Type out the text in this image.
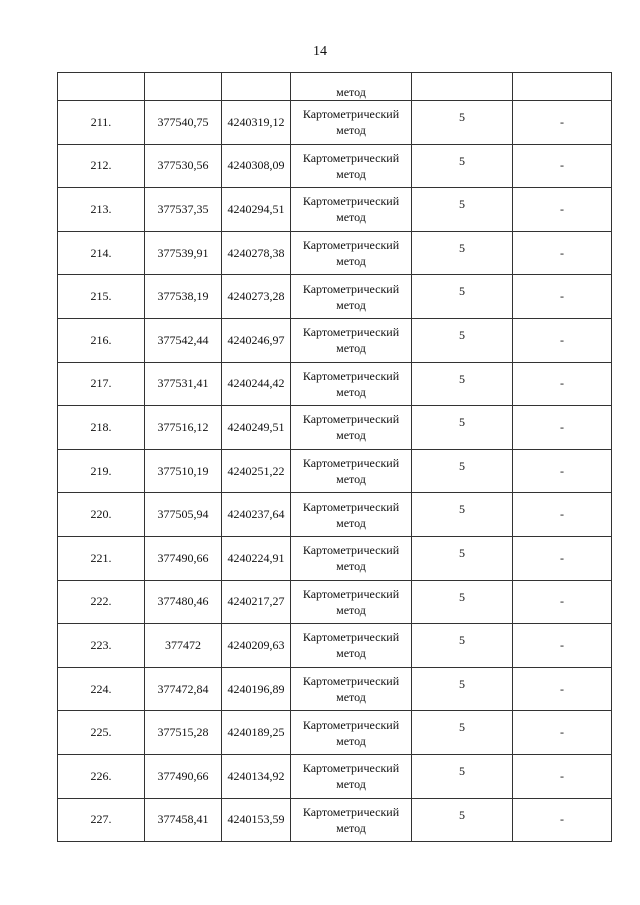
14
			метод		
211.	377540,75	4240319,12	Картометрический
метод	5	-
212.	377530,56	4240308,09	Картометрический
метод	5	-
213.	377537,35	4240294,51	Картометрический
метод	5	-
214.	377539,91	4240278,38	Картометрический
метод	5	-
215.	377538,19	4240273,28	Картометрический
метод	5	-
216.	377542,44	4240246,97	Картометрический
метод	5	-
217.	377531,41	4240244,42	Картометрический
метод	5	-
218.	377516,12	4240249,51	Картометрический
метод	5	-
219.	377510,19	4240251,22	Картометрический
метод	5	-
220.	377505,94	4240237,64	Картометрический
метод	5	-
221.	377490,66	4240224,91	Картометрический
метод	5	-
222.	377480,46	4240217,27	Картометрический
метод	5	-
223.	377472	4240209,63	Картометрический
метод	5	-
224.	377472,84	4240196,89	Картометрический
метод	5	-
225.	377515,28	4240189,25	Картометрический
метод	5	-
226.	377490,66	4240134,92	Картометрический
метод	5	-
227.	377458,41	4240153,59	Картометрический
метод	5	-
